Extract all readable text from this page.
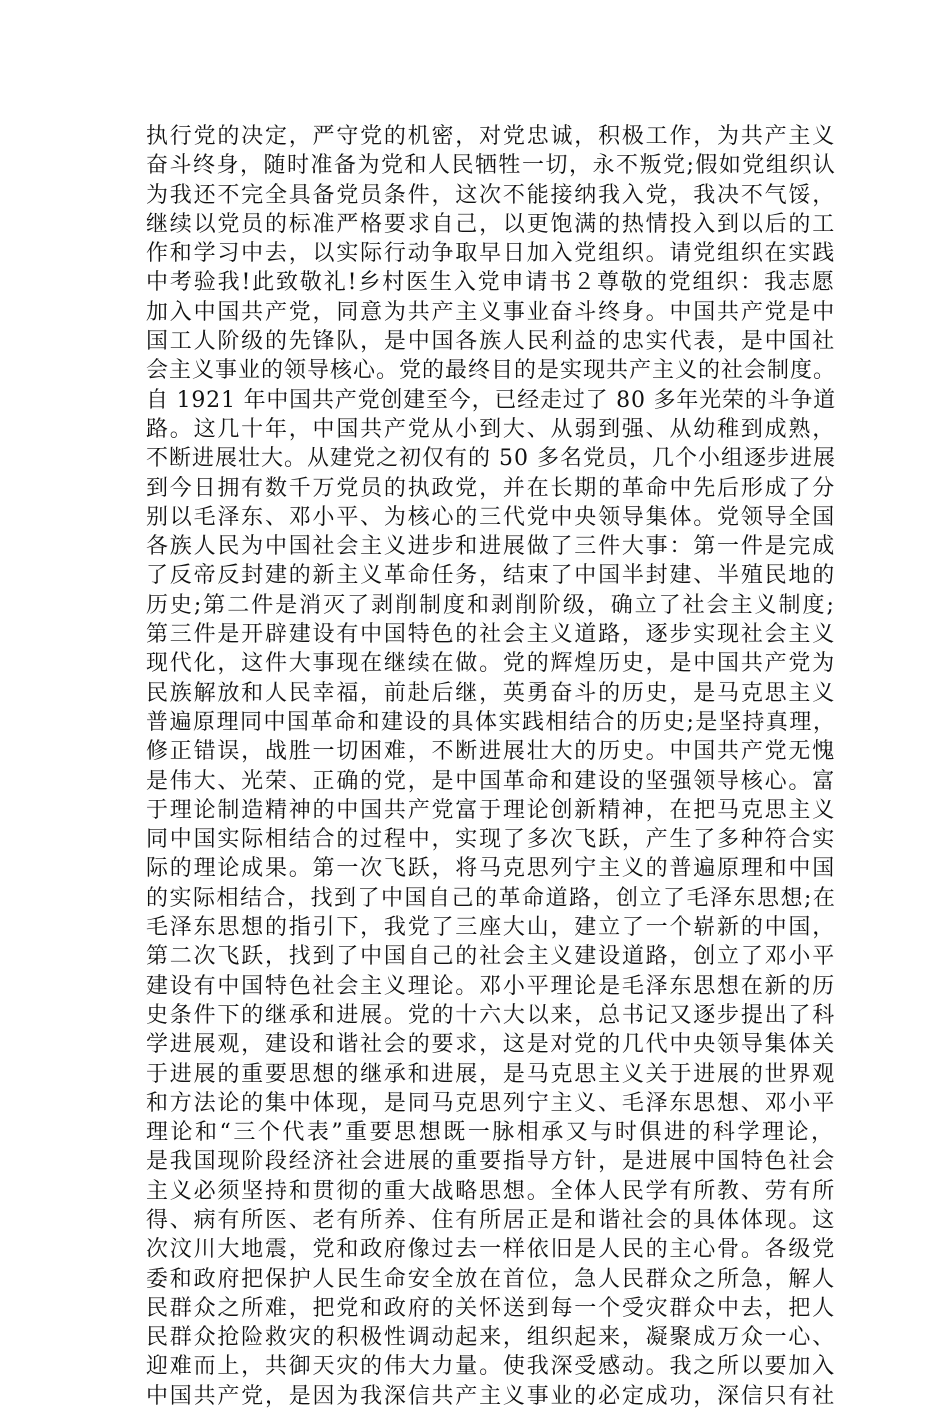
执行党的决定，严守党的机密，对党忠诚，积极工作，为共产主义
奋斗终身，随时准备为党和人民牺牲一切，永不叛党;假如党组织认
为我还不完全具备党员条件，这次不能接纳我入党，我决不气馁，
继续以党员的标准严格要求自己，以更饱满的热情投入到以后的工
作和学习中去，以实际行动争取早日加入党组织。请党组织在实践
中考验我!此致敬礼!乡村医生入党申请书２尊敬的党组织：我志愿
加入中国共产党，同意为共产主义事业奋斗终身。中国共产党是中
国工人阶级的先锋队，是中国各族人民利益的忠实代表，是中国社
会主义事业的领导核心。党的最终目的是实现共产主义的社会制度。
自 1921 年中国共产党创建至今，已经走过了 80 多年光荣的斗争道
路。这几十年，中国共产党从小到大、从弱到强、从幼稚到成熟，
不断进展壮大。从建党之初仅有的 50 多名党员，几个小组逐步进展
到今日拥有数千万党员的执政党，并在长期的革命中先后形成了分
别以毛泽东、邓小平、为核心的三代党中央领导集体。党领导全国
各族人民为中国社会主义进步和进展做了三件大事：第一件是完成
了反帝反封建的新主义革命任务，结束了中国半封建、半殖民地的
历史;第二件是消灭了剥削制度和剥削阶级，确立了社会主义制度;
第三件是开辟建设有中国特色的社会主义道路，逐步实现社会主义
现代化，这件大事现在继续在做。党的辉煌历史，是中国共产党为
民族解放和人民幸福，前赴后继，英勇奋斗的历史，是马克思主义
普遍原理同中国革命和建设的具体实践相结合的历史;是坚持真理，
修正错误，战胜一切困难，不断进展壮大的历史。中国共产党无愧
是伟大、光荣、正确的党，是中国革命和建设的坚强领导核心。富
于理论制造精神的中国共产党富于理论创新精神，在把马克思主义
同中国实际相结合的过程中，实现了多次飞跃，产生了多种符合实
际的理论成果。第一次飞跃，将马克思列宁主义的普遍原理和中国
的实际相结合，找到了中国自己的革命道路，创立了毛泽东思想;在
毛泽东思想的指引下，我党了三座大山，建立了一个崭新的中国，
第二次飞跃，找到了中国自己的社会主义建设道路，创立了邓小平
建设有中国特色社会主义理论。邓小平理论是毛泽东思想在新的历
史条件下的继承和进展。党的十六大以来，总书记又逐步提出了科
学进展观，建设和谐社会的要求，这是对党的几代中央领导集体关
于进展的重要思想的继承和进展，是马克思主义关于进展的世界观
和方法论的集中体现，是同马克思列宁主义、毛泽东思想、邓小平
理论和“三个代表”重要思想既一脉相承又与时俱进的科学理论，
是我国现阶段经济社会进展的重要指导方针，是进展中国特色社会
主义必须坚持和贯彻的重大战略思想。全体人民学有所教、劳有所
得、病有所医、老有所养、住有所居正是和谐社会的具体体现。这
次汶川大地震，党和政府像过去一样依旧是人民的主心骨。各级党
委和政府把保护人民生命安全放在首位，急人民群众之所急，解人
民群众之所难，把党和政府的关怀送到每一个受灾群众中去，把人
民群众抢险救灾的积极性调动起来，组织起来，凝聚成万众一心、
迎难而上，共御天灾的伟大力量。使我深受感动。我之所以要加入
中国共产党，是因为我深信共产主义事业的必定成功，深信只有社
